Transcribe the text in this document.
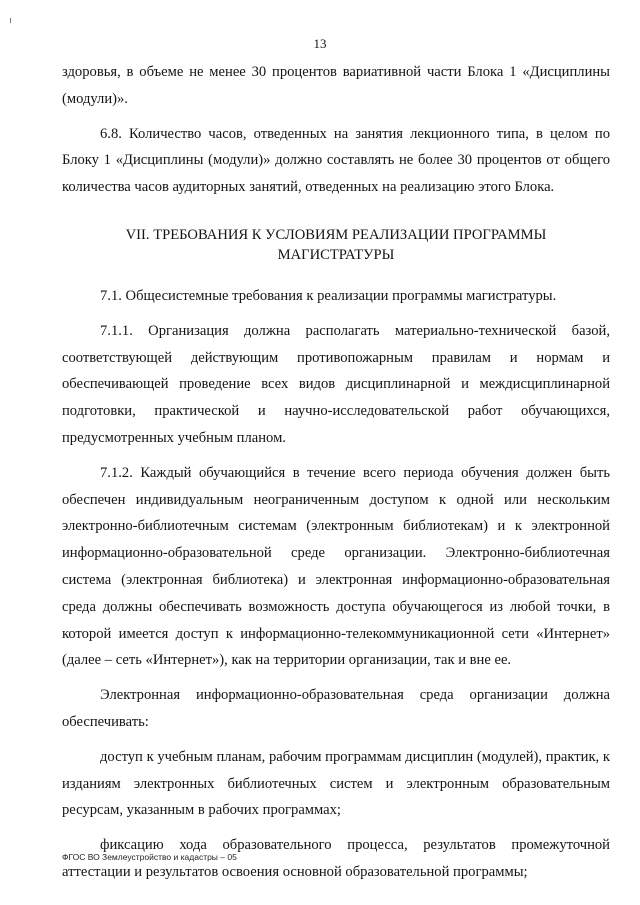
13

здоровья, в объеме не менее 30 процентов вариативной части Блока 1 «Дисциплины (модули)».

6.8. Количество часов, отведенных на занятия лекционного типа, в целом по Блоку 1 «Дисциплины (модули)» должно составлять не более 30 процентов от общего количества часов аудиторных занятий, отведенных на реализацию этого Блока.

VII. ТРЕБОВАНИЯ К УСЛОВИЯМ РЕАЛИЗАЦИИ ПРОГРАММЫ
МАГИСТРАТУРЫ

7.1. Общесистемные требования к реализации программы магистратуры.

7.1.1. Организация должна располагать материально-технической базой, соответствующей действующим противопожарным правилам и нормам и обеспечивающей проведение всех видов дисциплинарной и междисциплинарной подготовки, практической и научно-исследовательской работ обучающихся, предусмотренных учебным планом.

7.1.2. Каждый обучающийся в течение всего периода обучения должен быть обеспечен индивидуальным неограниченным доступом к одной или нескольким электронно-библиотечным системам (электронным библиотекам) и к электронной информационно-образовательной среде организации. Электронно-библиотечная система (электронная библиотека) и электронная информационно-образовательная среда должны обеспечивать возможность доступа обучающегося из любой точки, в которой имеется доступ к информационно-телекоммуникационной сети «Интернет» (далее – сеть «Интернет»), как на территории организации, так и вне ее.

Электронная информационно-образовательная среда организации должна обеспечивать:

доступ к учебным планам, рабочим программам дисциплин (модулей), практик, к изданиям электронных библиотечных систем и электронным образовательным ресурсам, указанным в рабочих программах;

фиксацию хода образовательного процесса, результатов промежуточной аттестации и результатов освоения основной образовательной программы;

ФГОС ВО Землеустройство и кадастры – 05
